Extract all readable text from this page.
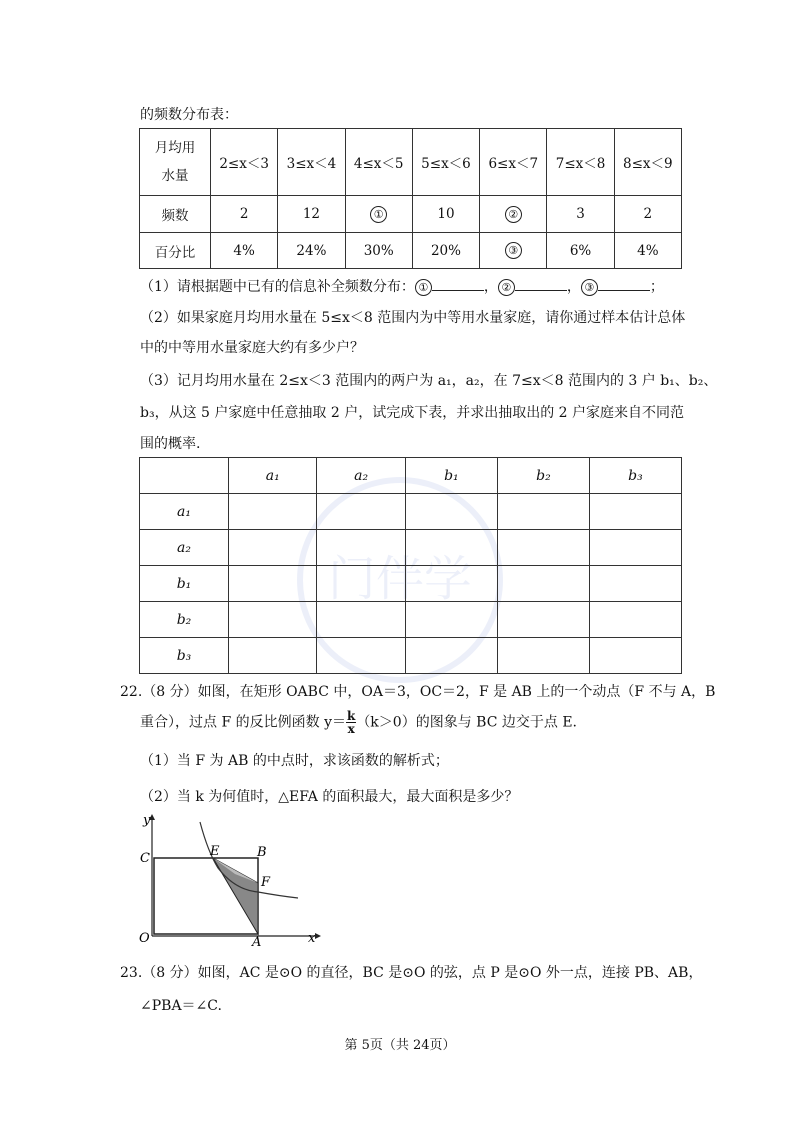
门伴学
的频数分布表：
月均用
水量	2≤x＜3	3≤x＜4	4≤x＜5	5≤x＜6	6≤x＜7	7≤x＜8	8≤x＜9
频数	2	12	①	10	②	3	2
百分比	4%	24%	30%	20%	③	6%	4%
（1）请根据题中已有的信息补全频数分布： ①	， ②	， ③	；
（2）如果家庭月均用水量在 5≤x＜8 范围内为中等用水量家庭，请你通过样本估计总体
中的中等用水量家庭大约有多少户？
（3）记月均用水量在 2≤x＜3 范围内的两户为 a₁，a₂，在 7≤x＜8 范围内的 3 户 b₁、b₂、
b₃，从这 5 户家庭中任意抽取 2 户，试完成下表，并求出抽取出的 2 户家庭来自不同范
围的概率.
	a₁	a₂	b₁	b₂	b₃
a₁					
a₂					
b₁					
b₂					
b₃					
22.（8 分）如图，在矩形 OABC 中，OA＝3，OC＝2，F 是 AB 上的一个动点（F 不与 A，B
重合），过点 F 的反比例函数 $y= \frac{k}{x} (k>0)$的图象与 BC 边交于点 E.
（1）当 F 为 AB 的中点时，求该函数的解析式；
（2）当 k 为何值时，△EFA 的面积最大，最大面积是多少？
y
x
O	A
B
C	E
F
23.（8 分）如图，AC 是⊙O 的直径，BC 是⊙O 的弦，点 P 是⊙O 外一点，连接 PB、AB，
∠PBA＝∠C.
第 5页（共 24页）
